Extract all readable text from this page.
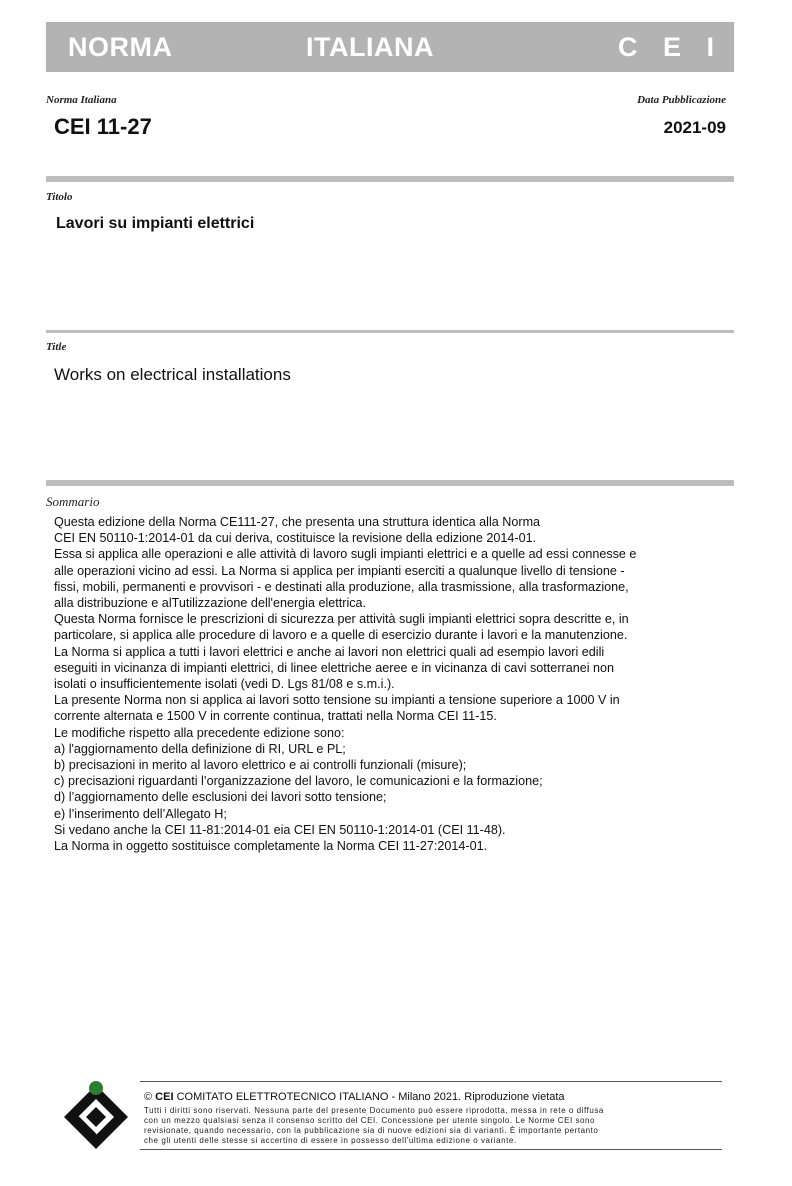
NORMA	ITALIANA	C E I
Norma Italiana
CEI 11-27
Data Pubblicazione
2021-09
Titolo
Lavori su impianti elettrici
Title
Works on electrical installations
Sommario
Questa edizione della Norma CE111-27, che presenta una struttura identica alla Norma
CEI EN 50110-1:2014-01 da cui deriva, costituisce la revisione della edizione 2014-01.
Essa si applica alle operazioni e alle attività di lavoro sugli impianti elettrici e a quelle ad essi connesse e
alle operazioni vicino ad essi. La Norma si applica per impianti eserciti a qualunque livello di tensione -
fissi, mobili, permanenti e provvisori - e destinati alla produzione, alla trasmissione, alla trasformazione,
alla distribuzione e alTutilizzazione dell'energia elettrica.
Questa Norma fornisce le prescrizioni di sicurezza per attività sugli impianti elettrici sopra descritte e, in
particolare, si applica alle procedure di lavoro e a quelle di esercizio durante i lavori e la manutenzione.
La Norma si applica a tutti i lavori elettrici e anche ai lavori non elettrici quali ad esempio lavori edili
eseguiti in vicinanza di impianti elettrici, di linee elettriche aeree e in vicinanza di cavi sotterranei non
isolati o insufficientemente isolati (vedi D. Lgs 81/08 e s.m.i.).
La presente Norma non si applica ai lavori sotto tensione su impianti a tensione superiore a 1000 V in
corrente alternata e 1500 V in corrente continua, trattati nella Norma CEI 11-15.
Le modifiche rispetto alla precedente edizione sono:
a) l'aggiornamento della definizione di RI, URL e PL;
b) precisazioni in merito al lavoro elettrico e ai controlli funzionali (misure);
c) precisazioni riguardanti l’organizzazione del lavoro, le comunicazioni e la formazione;
d) l’aggiornamento delle esclusioni dei lavori sotto tensione;
e) l’inserimento dell’Allegato H;
Si vedano anche la CEI 11-81:2014-01 eia CEI EN 50110-1:2014-01 (CEI 11-48).
La Norma in oggetto sostituisce completamente la Norma CEI 11-27:2014-01.
© CEI COMITATO ELETTROTECNICO ITALIANO - Milano 2021. Riproduzione vietata
Tutti i diritti sono riservati. Nessuna parte del presente Documento può essere riprodotta, messa in rete o diffusa
con un mezzo qualsiasi senza il consenso scritto del CEI. Concessione per utente singolo. Le Norme CEI sono
revisionate, quando necessario, con la pubblicazione sia di nuove edizioni sia di varianti. È importante pertanto
che gli utenti delle stesse si accertino di essere in possesso dell'ultima edizione o variante.
